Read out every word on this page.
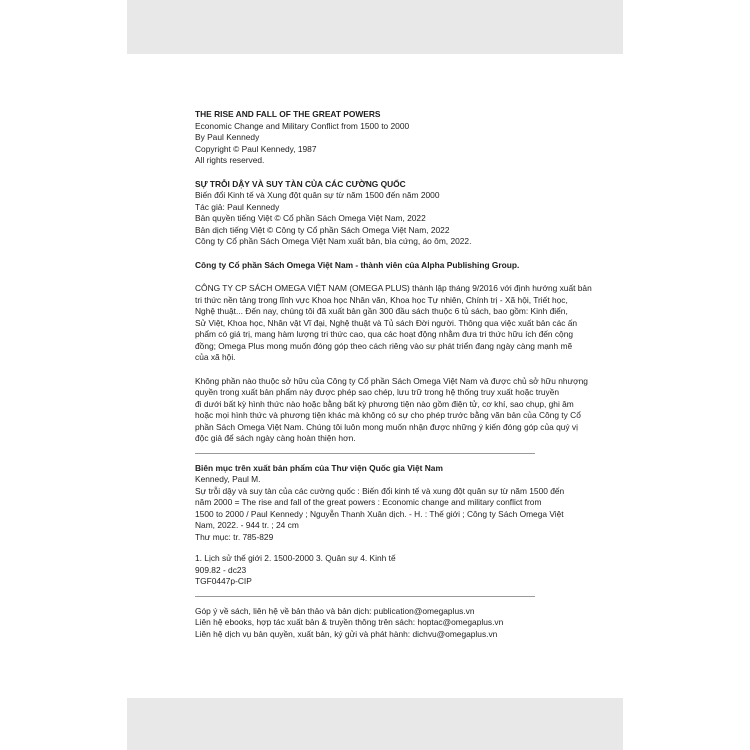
THE RISE AND FALL OF THE GREAT POWERS
Economic Change and Military Conflict from 1500 to 2000
By Paul Kennedy
Copyright © Paul Kennedy, 1987
All rights reserved.
SỰ TRỖI DẬY VÀ SUY TÀN CỦA CÁC CƯỜNG QUỐC
Biến đổi Kinh tế và Xung đột quân sự từ năm 1500 đến năm 2000
Tác giả: Paul Kennedy
Bản quyền tiếng Việt © Cổ phần Sách Omega Việt Nam, 2022
Bản dịch tiếng Việt © Công ty Cổ phần Sách Omega Việt Nam, 2022
Công ty Cổ phần Sách Omega Việt Nam xuất bản, bìa cứng, áo ôm, 2022.
Công ty Cổ phần Sách Omega Việt Nam - thành viên của Alpha Publishing Group.
CÔNG TY CP SÁCH OMEGA VIỆT NAM (OMEGA PLUS) thành lập tháng 9/2016 với định hướng xuất bản
tri thức nền tảng trong lĩnh vực Khoa học Nhân văn, Khoa học Tự nhiên, Chính trị - Xã hội, Triết học,
Nghệ thuật... Đến nay, chúng tôi đã xuất bản gần 300 đầu sách thuộc 6 tủ sách, bao gồm: Kinh điển,
Sử Việt, Khoa học, Nhân vật Vĩ đại, Nghệ thuật và Tủ sách Đời người. Thông qua việc xuất bản các ấn
phẩm có giá trị, mang hàm lượng tri thức cao, qua các hoạt động nhằm đưa tri thức hữu ích đến cộng
đồng; Omega Plus mong muốn đóng góp theo cách riêng vào sự phát triển đang ngày càng mạnh mẽ
của xã hội.
Không phần nào thuộc sở hữu của Công ty Cổ phần Sách Omega Việt Nam và được chủ sở hữu nhượng
quyền trong xuất bản phẩm này được phép sao chép, lưu trữ trong hệ thống truy xuất hoặc truyền
đi dưới bất kỳ hình thức nào hoặc bằng bất kỳ phương tiện nào gồm điện tử, cơ khí, sao chụp, ghi âm
hoặc mọi hình thức và phương tiện khác mà không có sự cho phép trước bằng văn bản của Công ty Cổ
phần Sách Omega Việt Nam. Chúng tôi luôn mong muốn nhận được những ý kiến đóng góp của quý vị
độc giả để sách ngày càng hoàn thiện hơn.
Biên mục trên xuất bản phẩm của Thư viện Quốc gia Việt Nam
Kennedy, Paul M.
Sự trỗi dậy và suy tàn của các cường quốc : Biến đổi kinh tế và xung đột quân sự từ năm 1500 đến
năm 2000 = The rise and fall of the great powers : Economic change and military conflict from
1500 to 2000 / Paul Kennedy ; Nguyễn Thanh Xuân dịch. - H. : Thế giới ; Công ty Sách Omega Việt
Nam, 2022. - 944 tr. ; 24 cm
Thư mục: tr. 785-829
1. Lịch sử thế giới 2. 1500-2000 3. Quân sự 4. Kinh tế
909.82 - dc23
TGF0447p-CIP
Góp ý về sách, liên hệ về bản thảo và bản dịch: publication@omegaplus.vn
Liên hệ ebooks, hợp tác xuất bản & truyền thông trên sách: hoptac@omegaplus.vn
Liên hệ dịch vụ bản quyền, xuất bản, ký gửi và phát hành: dichvu@omegaplus.vn
